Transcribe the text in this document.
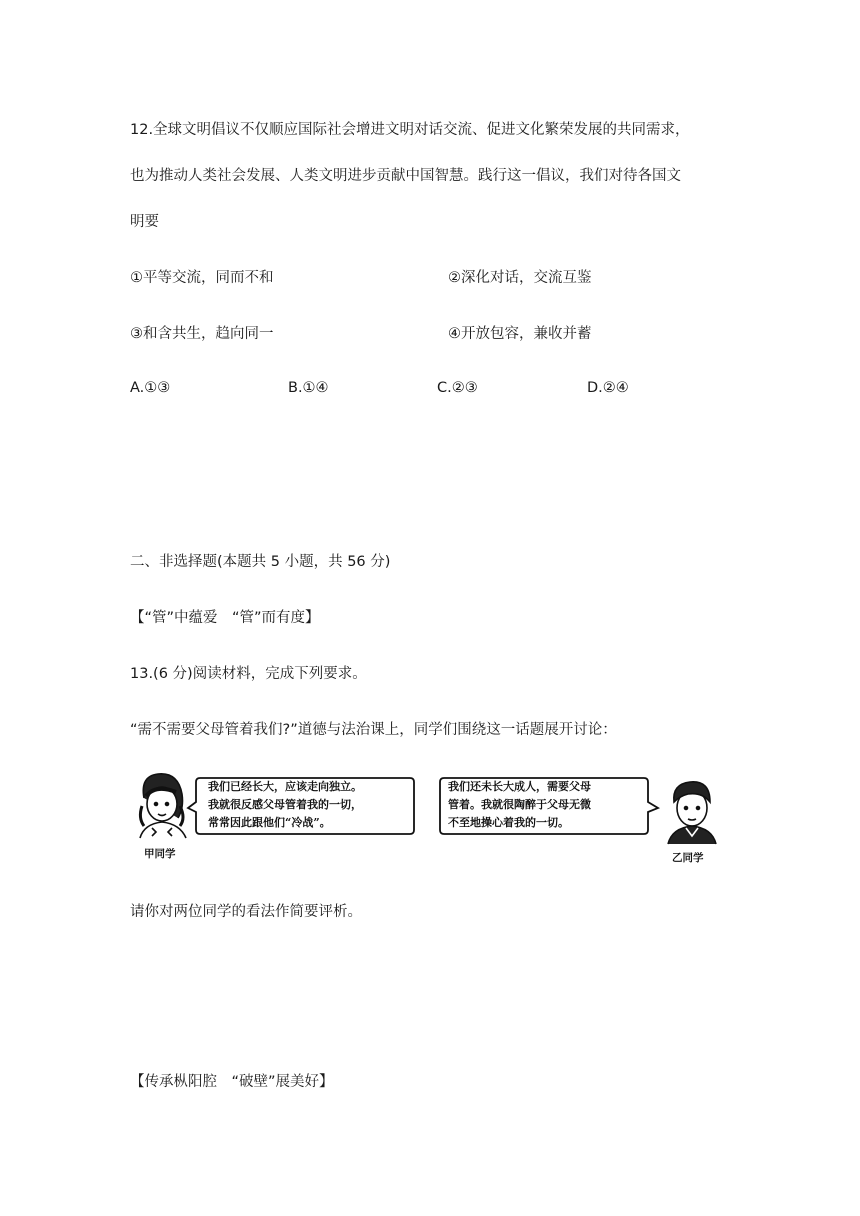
12.全球文明倡议不仅顺应国际社会增进文明对话交流、促进文化繁荣发展的共同需求，
也为推动人类社会发展、人类文明进步贡献中国智慧。践行这一倡议，我们对待各国文
明要
①平等交流，同而不和	②深化对话，交流互鉴
③和含共生，趋向同一	④开放包容，兼收并蓄
A.①③	B.①④	C.②③	D.②④
二、非选择题(本题共 5 小题，共 56 分)
【“管”中蕴爱　“管”而有度】
13.(6 分)阅读材料，完成下列要求。
“需不需要父母管着我们?”道德与法治课上，同学们围绕这一话题展开讨论：
我们已经长大，应该走向独立。
我就很反感父母管着我的一切，
常常因此跟他们“冷战”。
甲同学
我们还未长大成人，需要父母
管着。我就很陶醉于父母无微
不至地操心着我的一切。
乙同学
请你对两位同学的看法作简要评析。
【传承枞阳腔　“破壁”展美好】
